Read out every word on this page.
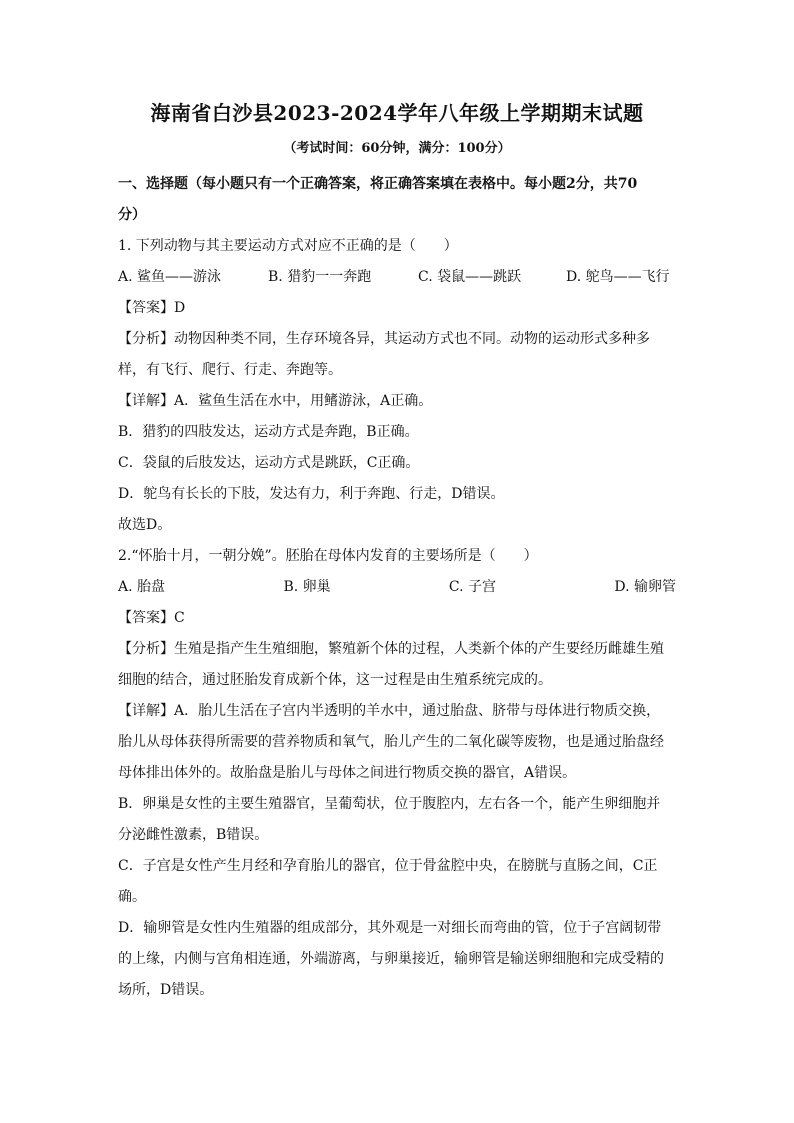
海南省白沙县2023-2024学年八年级上学期期末试题
（考试时间：60分钟，满分：100分）
一、选择题（每小题只有一个正确答案，将正确答案填在表格中。每小题2分，共70
分）
1. 下列动物与其主要运动方式对应不正确的是（　　）
A. 鲨鱼——游泳	B. 猎豹一一奔跑	C. 袋鼠——跳跃	D. 鸵鸟——飞行
【答案】D
【分析】动物因种类不同，生存环境各异，其运动方式也不同。动物的运动形式多种多
样，有飞行、爬行、行走、奔跑等。
【详解】A．鲨鱼生活在水中，用鳍游泳，A正确。
B．猎豹的四肢发达，运动方式是奔跑，B正确。
C．袋鼠的后肢发达，运动方式是跳跃，C正确。
D．鸵鸟有长长的下肢，发达有力，利于奔跑、行走，D错误。
故选D。
2.“怀胎十月，一朝分娩”。胚胎在母体内发育的主要场所是（　　）
A. 胎盘	B. 卵巢	C. 子宫	D. 输卵管
【答案】C
【分析】生殖是指产生生殖细胞，繁殖新个体的过程，人类新个体的产生要经历雌雄生殖
细胞的结合，通过胚胎发育成新个体，这一过程是由生殖系统完成的。
【详解】A．胎儿生活在子宫内半透明的羊水中，通过胎盘、脐带与母体进行物质交换，
胎儿从母体获得所需要的营养物质和氧气，胎儿产生的二氧化碳等废物，也是通过胎盘经
母体排出体外的。故胎盘是胎儿与母体之间进行物质交换的器官，A错误。
B．卵巢是女性的主要生殖器官，呈葡萄状，位于腹腔内，左右各一个，能产生卵细胞并
分泌雌性激素，B错误。
C．子宫是女性产生月经和孕育胎儿的器官，位于骨盆腔中央，在膀胱与直肠之间，C正
确。
D．输卵管是女性内生殖器的组成部分，其外观是一对细长而弯曲的管，位于子宫阔韧带
的上缘，内侧与宫角相连通，外端游离，与卵巢接近，输卵管是输送卵细胞和完成受精的
场所，D错误。
